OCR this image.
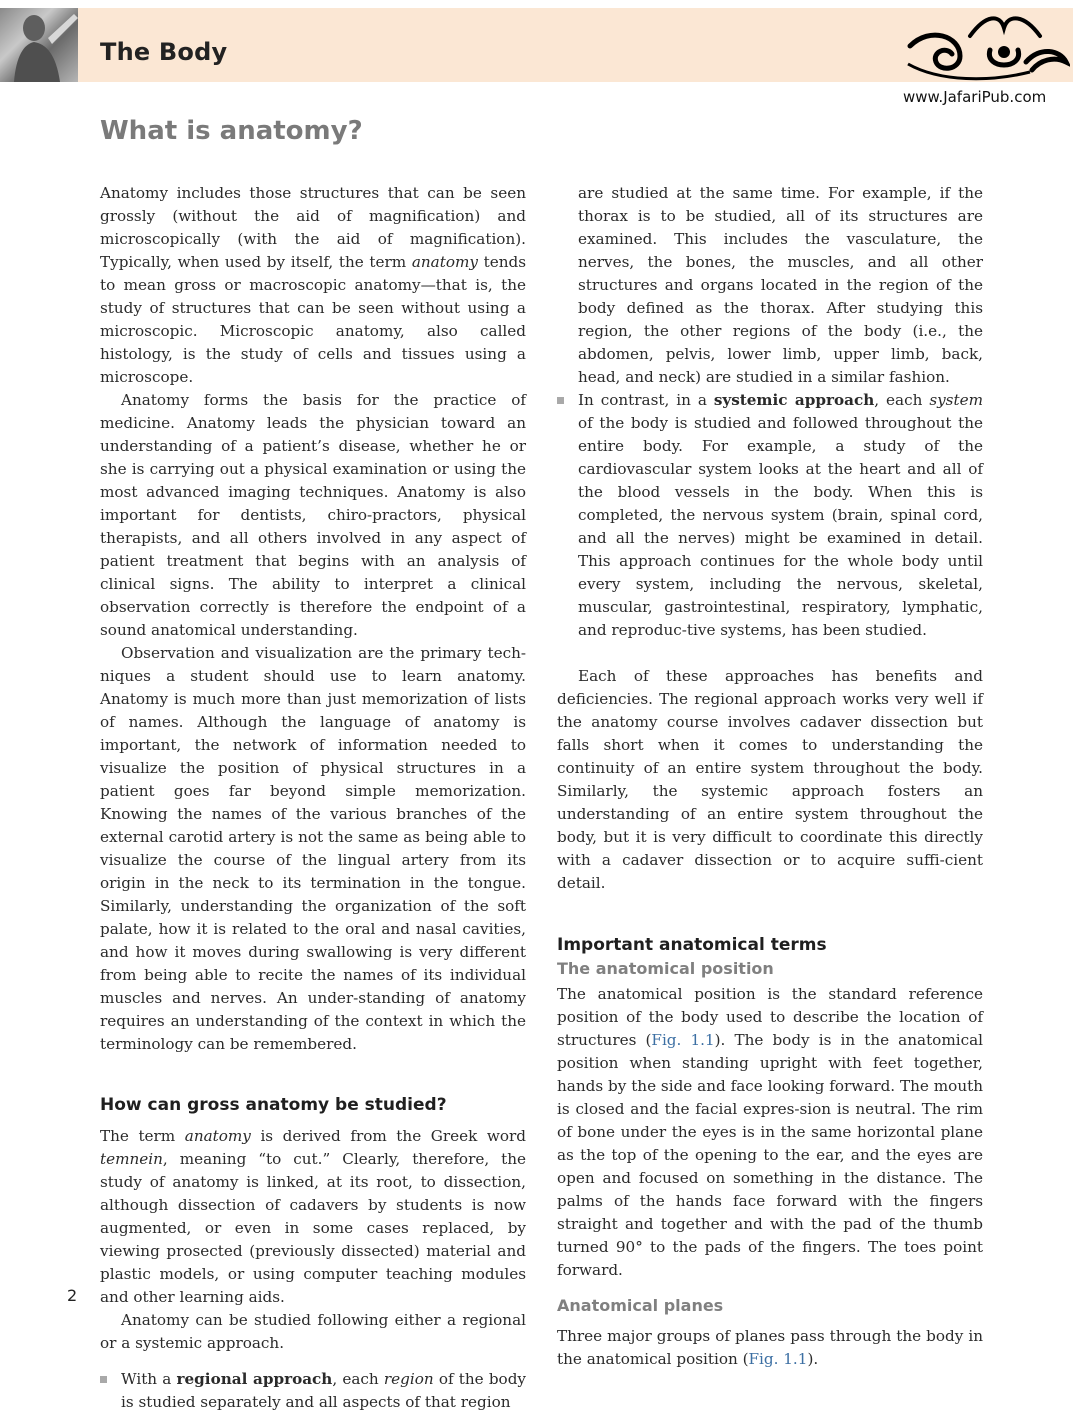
The Body
www.JafariPub.com
What is anatomy?

Anatomy includes those structures that can be seen grossly (without the aid of magnification) and microscopically (with the aid of magnification). Typically, when used by itself, the term anatomy tends to mean gross or macroscopic anatomy—that is, the study of structures that can be seen without using a microscopic. Microscopic anatomy, also called histology, is the study of cells and tissues using a microscope.

Anatomy forms the basis for the practice of medicine. Anatomy leads the physician toward an understanding of a patient’s disease, whether he or she is carrying out a physical examination or using the most advanced imaging techniques. Anatomy is also important for dentists, chiro-practors, physical therapists, and all others involved in any aspect of patient treatment that begins with an analysis of clinical signs. The ability to interpret a clinical observation correctly is therefore the endpoint of a sound anatomical understanding.

Observation and visualization are the primary tech-niques a student should use to learn anatomy. Anatomy is much more than just memorization of lists of names. Although the language of anatomy is important, the network of information needed to visualize the position of physical structures in a patient goes far beyond simple memorization. Knowing the names of the various branches of the external carotid artery is not the same as being able to visualize the course of the lingual artery from its origin in the neck to its termination in the tongue. Similarly, understanding the organization of the soft palate, how it is related to the oral and nasal cavities, and how it moves during swallowing is very different from being able to recite the names of its individual muscles and nerves. An under-standing of anatomy requires an understanding of the context in which the terminology can be remembered.

How can gross anatomy be studied?

The term anatomy is derived from the Greek word temnein, meaning “to cut.” Clearly, therefore, the study of anatomy is linked, at its root, to dissection, although dissection of cadavers by students is now augmented, or even in some cases replaced, by viewing prosected (previously dissected) material and plastic models, or using computer teaching modules and other learning aids.

Anatomy can be studied following either a regional or a systemic approach.

With a regional approach, each region of the body is studied separately and all aspects of that region

are studied at the same time. For example, if the thorax is to be studied, all of its structures are examined. This includes the vasculature, the nerves, the bones, the muscles, and all other structures and organs located in the region of the body defined as the thorax. After studying this region, the other regions of the body (i.e., the abdomen, pelvis, lower limb, upper limb, back, head, and neck) are studied in a similar fashion.

In contrast, in a systemic approach, each system of the body is studied and followed throughout the entire body. For example, a study of the cardiovascular system looks at the heart and all of the blood vessels in the body. When this is completed, the nervous system (brain, spinal cord, and all the nerves) might be examined in detail. This approach continues for the whole body until every system, including the nervous, skeletal, muscular, gastrointestinal, respiratory, lymphatic, and reproduc-tive systems, has been studied.

Each of these approaches has benefits and deficiencies. The regional approach works very well if the anatomy course involves cadaver dissection but falls short when it comes to understanding the continuity of an entire system throughout the body. Similarly, the systemic approach fosters an understanding of an entire system throughout the body, but it is very difficult to coordinate this directly with a cadaver dissection or to acquire suffi-cient detail.

Important anatomical terms
The anatomical position

The anatomical position is the standard reference position of the body used to describe the location of structures (Fig. 1.1). The body is in the anatomical position when standing upright with feet together, hands by the side and face looking forward. The mouth is closed and the facial expres-sion is neutral. The rim of bone under the eyes is in the same horizontal plane as the top of the opening to the ear, and the eyes are open and focused on something in the distance. The palms of the hands face forward with the fingers straight and together and with the pad of the thumb turned 90° to the pads of the fingers. The toes point forward.

Anatomical planes

Three major groups of planes pass through the body in the anatomical position (Fig. 1.1).

2
